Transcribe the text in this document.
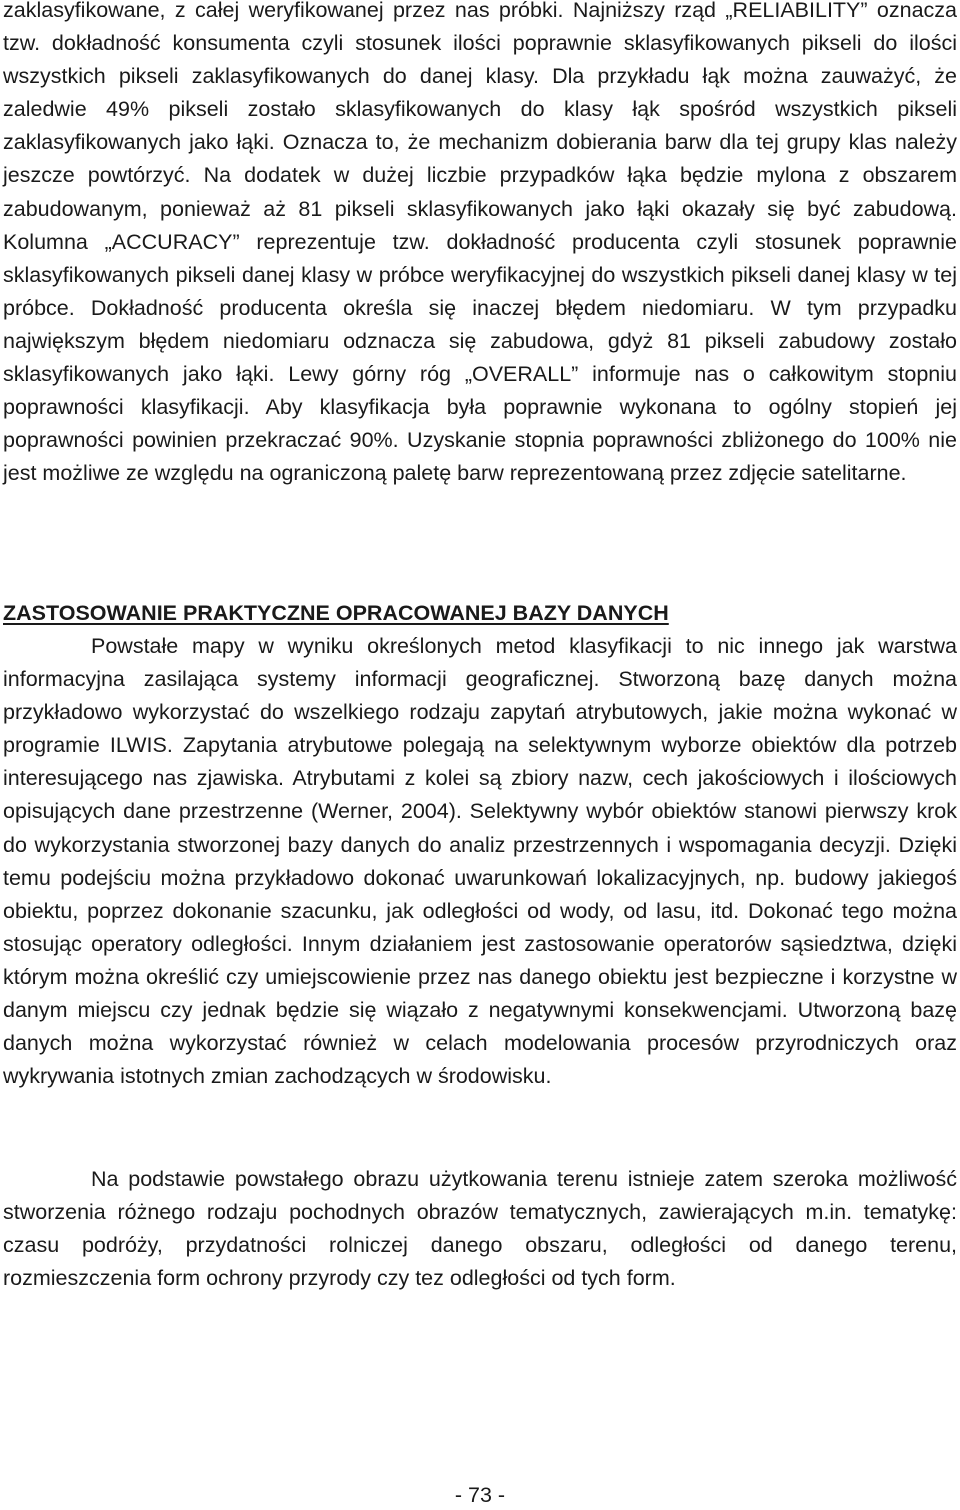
zaklasyfikowane, z całej weryfikowanej przez nas próbki. Najniższy rząd „RELIABILITY” oznacza tzw. dokładność konsumenta czyli stosunek ilości poprawnie sklasyfikowanych pikseli do ilości wszystkich pikseli zaklasyfikowanych do danej klasy. Dla przykładu łąk można zauważyć, że zaledwie 49% pikseli zostało sklasyfikowanych do klasy łąk spośród wszystkich pikseli zaklasyfikowanych jako łąki. Oznacza to, że mechanizm dobierania barw dla tej grupy klas należy jeszcze powtórzyć. Na dodatek w dużej liczbie przypadków łąka będzie mylona z obszarem zabudowanym, ponieważ aż 81 pikseli sklasyfikowanych jako łąki okazały się być zabudową. Kolumna „ACCURACY” reprezentuje tzw. dokładność producenta czyli stosunek poprawnie sklasyfikowanych pikseli danej klasy w próbce weryfikacyjnej do wszystkich pikseli danej klasy w tej próbce. Dokładność producenta określa się inaczej błędem niedomiaru. W tym przypadku największym błędem niedomiaru odznacza się zabudowa, gdyż 81 pikseli zabudowy zostało sklasyfikowanych jako łąki. Lewy górny róg „OVERALL” informuje nas o całkowitym stopniu poprawności klasyfikacji. Aby klasyfikacja była poprawnie wykonana to ogólny stopień jej poprawności powinien przekraczać 90%. Uzyskanie stopnia poprawności zbliżonego do 100% nie jest możliwe ze względu na ograniczoną paletę barw reprezentowaną przez zdjęcie satelitarne.

ZASTOSOWANIE PRAKTYCZNE OPRACOWANEJ BAZY DANYCH

Powstałe mapy w wyniku określonych metod klasyfikacji to nic innego jak warstwa informacyjna zasilająca systemy informacji geograficznej. Stworzoną bazę danych można przykładowo wykorzystać do wszelkiego rodzaju zapytań atrybutowych, jakie można wykonać w programie ILWIS. Zapytania atrybutowe polegają na selektywnym wyborze obiektów dla potrzeb interesującego nas zjawiska. Atrybutami z kolei są zbiory nazw, cech jakościowych i ilościowych opisujących dane przestrzenne (Werner, 2004). Selektywny wybór obiektów stanowi pierwszy krok do wykorzystania stworzonej bazy danych do analiz przestrzennych i wspomagania decyzji. Dzięki temu podejściu można przykładowo dokonać uwarunkowań lokalizacyjnych, np. budowy jakiegoś obiektu, poprzez dokonanie szacunku, jak odległości od wody, od lasu, itd. Dokonać tego można stosując operatory odległości. Innym działaniem jest zastosowanie operatorów sąsiedztwa, dzięki którym można określić czy umiejscowienie przez nas danego obiektu jest bezpieczne i korzystne w danym miejscu czy jednak będzie się wiązało z negatywnymi konsekwencjami. Utworzoną bazę danych można wykorzystać również w celach modelowania procesów przyrodniczych oraz wykrywania istotnych zmian zachodzących w środowisku.

Na podstawie powstałego obrazu użytkowania terenu istnieje zatem szeroka możliwość stworzenia różnego rodzaju pochodnych obrazów tematycznych, zawierających m.in. tematykę: czasu podróży, przydatności rolniczej danego obszaru, odległości od danego terenu, rozmieszczenia form ochrony przyrody czy tez odległości od tych form.

- 73 -
